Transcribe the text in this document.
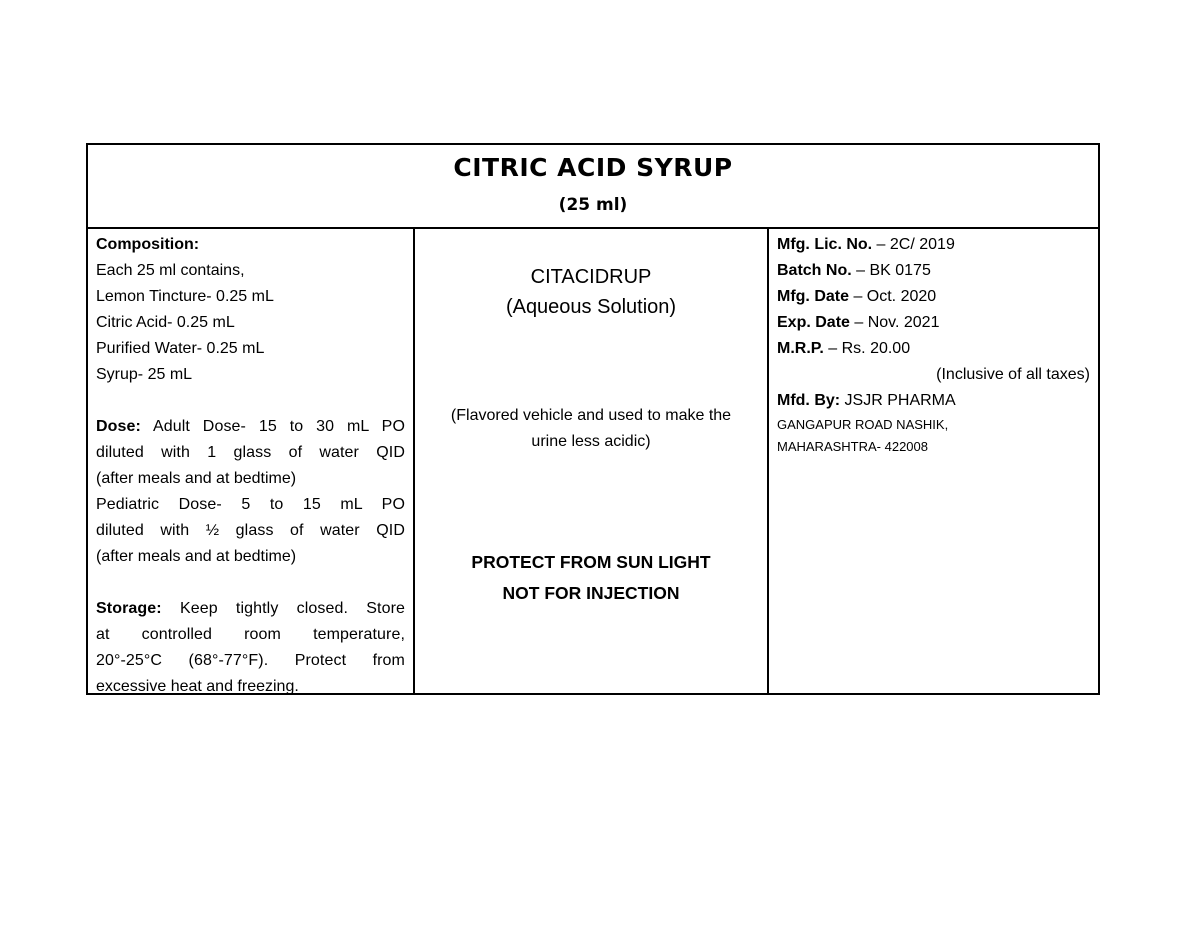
CITRIC ACID SYRUP
(25 ml)
Composition:
Each 25 ml contains,
Lemon Tincture- 0.25 mL
Citric Acid- 0.25 mL
Purified Water- 0.25 mL
Syrup- 25 mL
Dose: Adult Dose- 15 to 30 mL PO
diluted with 1 glass of water QID
(after meals and at bedtime)
Pediatric Dose- 5 to 15 mL PO
diluted with ½ glass of water QID
(after meals and at bedtime)
Storage: Keep tightly closed. Store
at controlled room temperature,
20°-25°C (68°-77°F). Protect from
excessive heat and freezing.
CITACIDRUP
(Aqueous Solution)
(Flavored vehicle and used to make the
urine less acidic)
PROTECT FROM SUN LIGHT
NOT FOR INJECTION
Mfg. Lic. No. – 2C/ 2019
Batch No. – BK 0175
Mfg. Date – Oct. 2020
Exp. Date – Nov. 2021
M.R.P. – Rs. 20.00
(Inclusive of all taxes)
Mfd. By: JSJR PHARMA
GANGAPUR ROAD NASHIK,
MAHARASHTRA- 422008
